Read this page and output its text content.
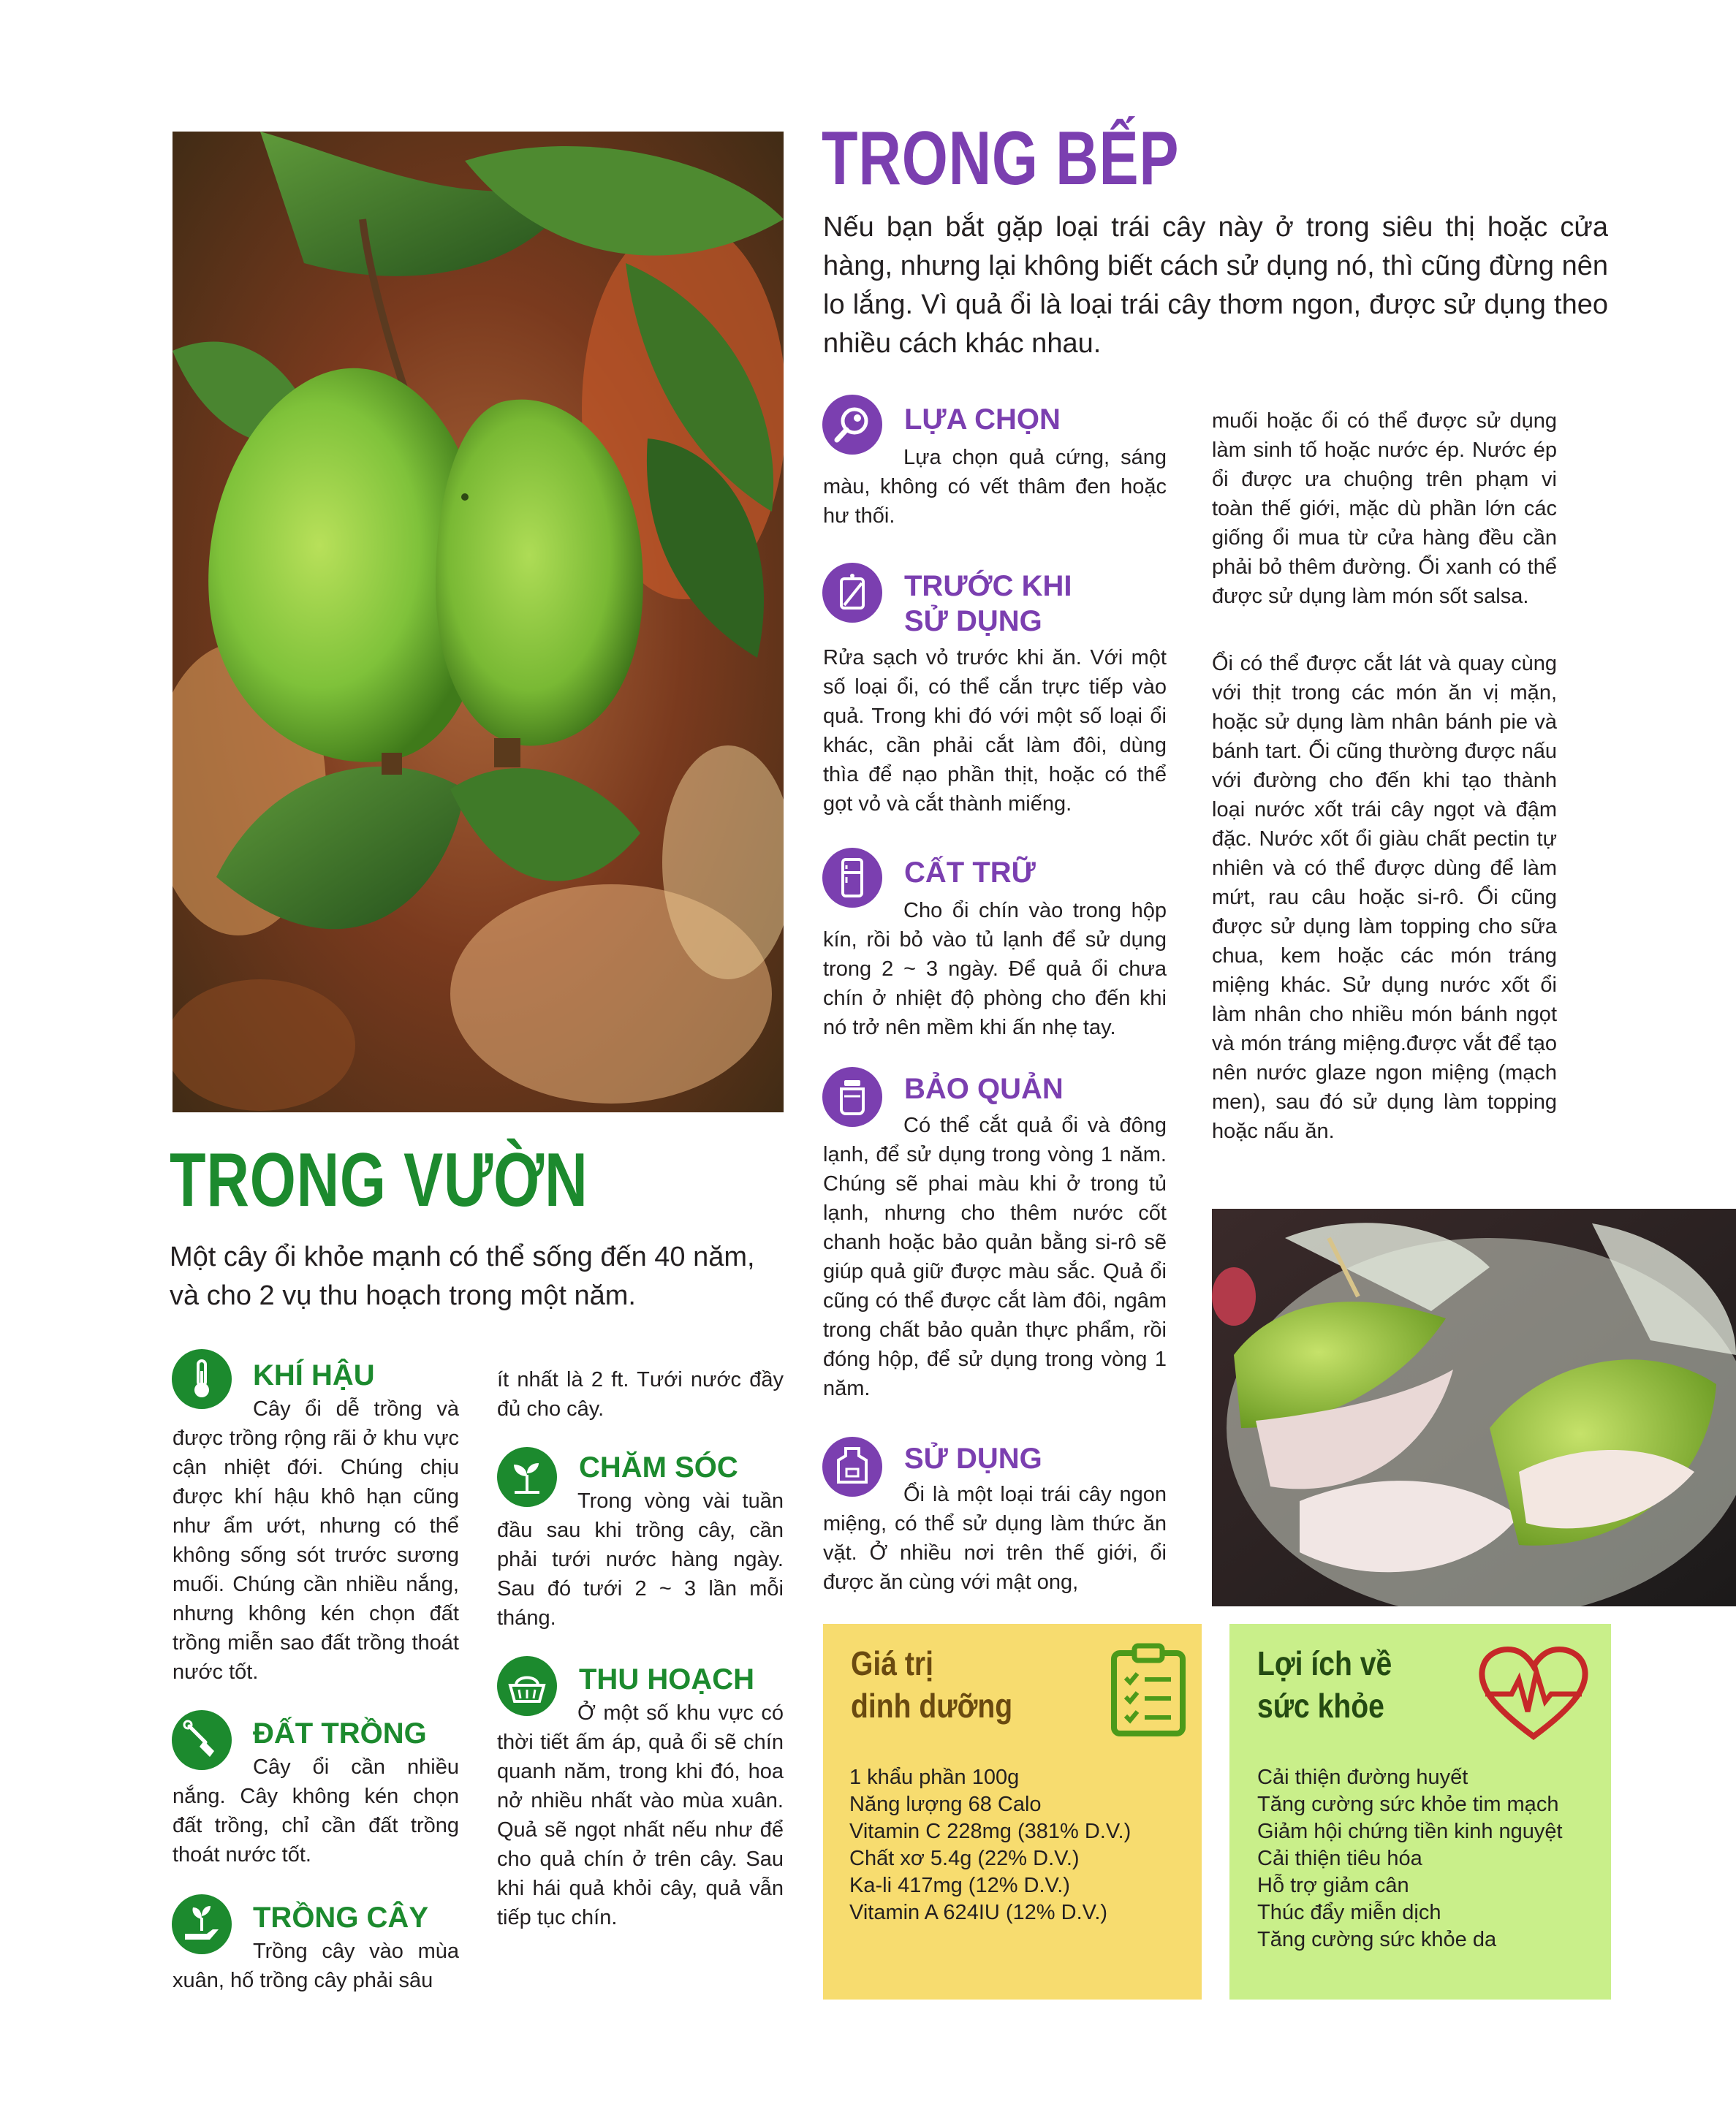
TRONG BẾP

Nếu bạn bắt gặp loại trái cây này ở trong siêu thị hoặc cửa hàng, nhưng lại không biết cách sử dụng nó, thì cũng đừng nên lo lắng. Vì quả ổi là loại trái cây thơm ngon, được sử dụng theo nhiều cách khác nhau.

LỰA CHỌN

Lựa chọn quả cứng, sáng màu, không có vết thâm đen hoặc hư thối.

TRƯỚC KHI
SỬ DỤNG

Rửa sạch vỏ trước khi ăn. Với một số loại ổi, có thể cắn trực tiếp vào quả. Trong khi đó với một số loại ổi khác, cần phải cắt làm đôi, dùng thìa để nạo phần thịt, hoặc có thể gọt vỏ và cắt thành miếng.

CẤT TRỮ

Cho ổi chín vào trong hộp kín, rồi bỏ vào tủ lạnh để sử dụng trong 2 ~ 3 ngày. Để quả ổi chưa chín ở nhiệt độ phòng cho đến khi nó trở nên mềm khi ấn nhẹ tay.

BẢO QUẢN

Có thể cắt quả ổi và đông lạnh, để sử dụng trong vòng 1 năm. Chúng sẽ phai màu khi ở trong tủ lạnh, nhưng cho thêm nước cốt chanh hoặc bảo quản bằng si-rô sẽ giúp quả giữ được màu sắc. Quả ổi cũng có thể được cắt làm đôi, ngâm trong chất bảo quản thực phẩm, rồi đóng hộp, để sử dụng trong vòng 1 năm.

SỬ DỤNG

Ổi là một loại trái cây ngon miệng, có thể sử dụng làm thức ăn vặt. Ở nhiều nơi trên thế giới, ổi được ăn cùng với mật ong,

muối hoặc ổi có thể được sử dụng làm sinh tố hoặc nước ép. Nước ép ổi được ưa chuộng trên phạm vi toàn thế giới, mặc dù phần lớn các giống ổi mua từ cửa hàng đều cần phải bỏ thêm đường. Ổi xanh có thể được sử dụng làm món sốt salsa.

Ổi có thể được cắt lát và quay cùng với thịt trong các món ăn vị mặn, hoặc sử dụng làm nhân bánh pie và bánh tart. Ổi cũng thường được nấu với đường cho đến khi tạo thành loại nước xốt trái cây ngọt và đậm đặc. Nước xốt ổi giàu chất pectin tự nhiên và có thể được dùng để làm mứt, rau câu hoặc si-rô. Ổi cũng được sử dụng làm topping cho sữa chua, kem hoặc các món tráng miệng khác. Sử dụng nước xốt ổi làm nhân cho nhiều món bánh ngọt và món tráng miệng.được vắt để tạo nên nước glaze ngon miệng (mạch men), sau đó sử dụng làm topping hoặc nấu ăn.

TRONG VƯỜN

Một cây ổi khỏe mạnh có thể sống đến 40 năm, và cho 2 vụ thu hoạch trong một năm.

KHÍ HẬU

Cây ổi dễ trồng và được trồng rộng rãi ở khu vực cận nhiệt đới. Chúng chịu được khí hậu khô hạn cũng như ẩm ướt, nhưng có thể không sống sót trước sương muối. Chúng cần nhiều nắng, nhưng không kén chọn đất trồng miễn sao đất trồng thoát nước tốt.

ĐẤT TRỒNG

Cây ổi cần nhiều nắng. Cây không kén chọn đất trồng, chỉ cần đất trồng thoát nước tốt.

TRỒNG CÂY

Trồng cây vào mùa xuân, hố trồng cây phải sâu

ít nhất là 2 ft. Tưới nước đầy đủ cho cây.

CHĂM SÓC

Trong vòng vài tuần đầu sau khi trồng cây, cần phải tưới nước hàng ngày. Sau đó tưới 2 ~ 3 lần mỗi tháng.

THU HOẠCH

Ở một số khu vực có thời tiết ấm áp, quả ổi sẽ chín quanh năm, trong khi đó, hoa nở nhiều nhất vào mùa xuân. Quả sẽ ngọt nhất nếu như để cho quả chín ở trên cây. Sau khi hái quả khỏi cây, quả vẫn tiếp tục chín.

Giá trị
dinh dưỡng
1 khẩu phần 100g
Năng lượng 68 Calo
Vitamin C 228mg (381% D.V.)
Chất xơ 5.4g (22% D.V.)
Ka-li 417mg (12% D.V.)
Vitamin A 624IU (12% D.V.)
Lợi ích về
sức khỏe
Cải thiện đường huyết
Tăng cường sức khỏe tim mạch
Giảm hội chứng tiền kinh nguyệt
Cải thiện tiêu hóa
Hỗ trợ giảm cân
Thúc đẩy miễn dịch
Tăng cường sức khỏe da
